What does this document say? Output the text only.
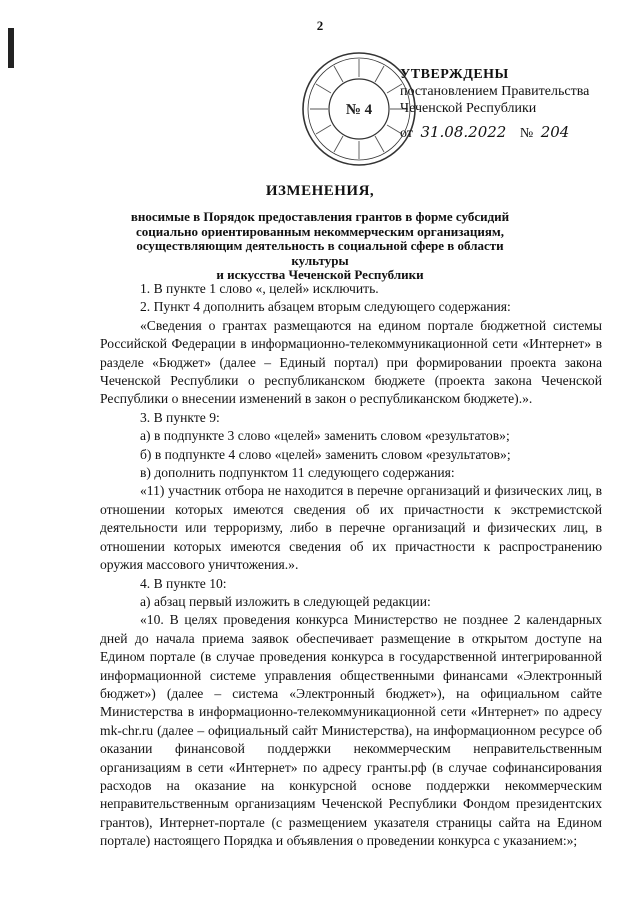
2
№ 4
УТВЕРЖДЕНЫ
постановлением Правительства
Чеченской Республики
от 31.08.2022 № 204
ИЗМЕНЕНИЯ,
вносимые в Порядок предоставления грантов в форме субсидий
социально ориентированным некоммерческим организациям,
осуществляющим деятельность в социальной сфере в области культуры
и искусства Чеченской Республики

1. В пункте 1 слово «, целей» исключить.

2. Пункт 4 дополнить абзацем вторым следующего содержания:

«Сведения о грантах размещаются на едином портале бюджетной системы Российской Федерации в информационно-телекоммуникационной сети «Интернет» в разделе «Бюджет» (далее – Единый портал) при формировании проекта закона Чеченской Республики о республиканском бюджете (проекта закона Чеченской Республики о внесении изменений в закон о республиканском бюджете).».

3. В пункте 9:

а) в подпункте 3 слово «целей» заменить словом «результатов»;

б) в подпункте 4 слово «целей» заменить словом «результатов»;

в) дополнить подпунктом 11 следующего содержания:

«11) участник отбора не находится в перечне организаций и физических лиц, в отношении которых имеются сведения об их причастности к экстремистской деятельности или терроризму, либо в перечне организаций и физических лиц, в отношении которых имеются сведения об их причастности к распространению оружия массового уничтожения.».

4. В пункте 10:

а) абзац первый изложить в следующей редакции:

«10. В целях проведения конкурса Министерство не позднее 2 календарных дней до начала приема заявок обеспечивает размещение в открытом доступе на Едином портале (в случае проведения конкурса в государственной интегрированной информационной системе управления общественными финансами «Электронный бюджет») (далее – система «Электронный бюджет»), на официальном сайте Министерства в информационно-телекоммуникационной сети «Интернет» по адресу mk-chr.ru (далее – официальный сайт Министерства), на информационном ресурсе об оказании финансовой поддержки некоммерческим неправительственным организациям в сети «Интернет» по адресу гранты.рф (в случае софинансирования расходов на оказание на конкурсной основе поддержки некоммерческим неправительственным организациям Чеченской Республики Фондом президентских грантов), Интернет-портале (с размещением указателя страницы сайта на Едином портале) настоящего Порядка и объявления о проведении конкурса с указанием:»;
